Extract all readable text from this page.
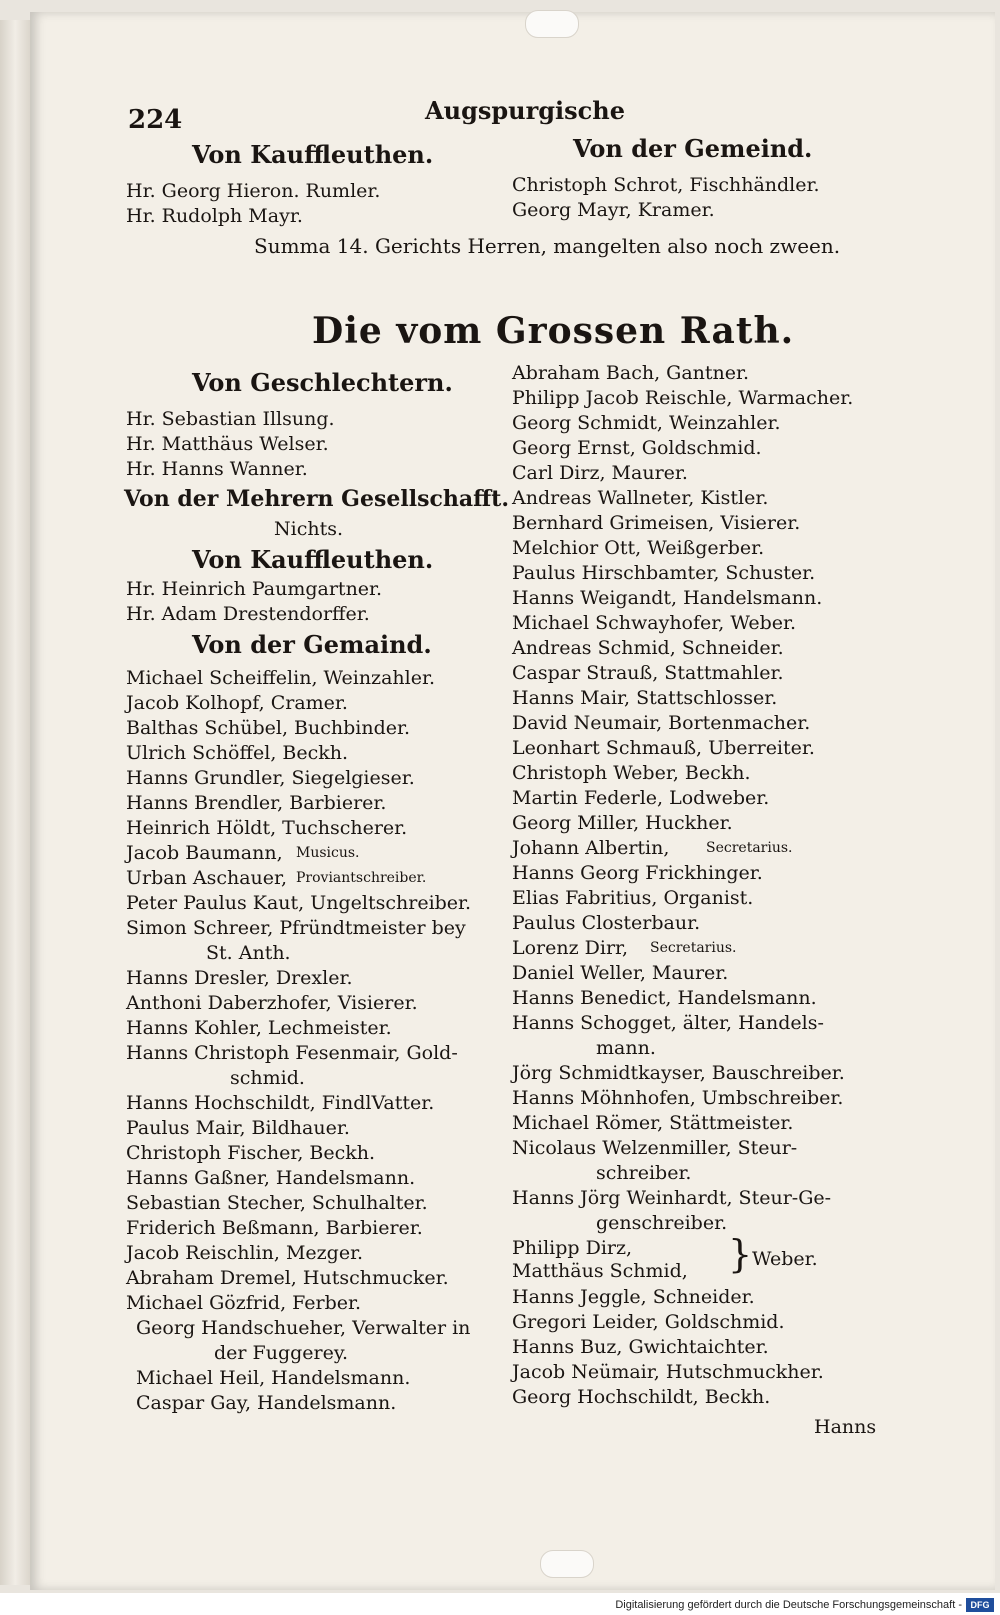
224	Augspurgische
Von Kauffleuthen.	Von der Gemeind.
Hr. Georg Hieron. Rumler.
Hr. Rudolph Mayr.
Christoph Schrot, Fischhändler.
Georg Mayr, Kramer.
Summa 14. Gerichts Herren, mangelten also noch zween.
Die vom Grossen Rath.
Von Geschlechtern.
Hr. Sebastian Illsung.
Hr. Matthäus Welser.
Hr. Hanns Wanner.
Von der Mehrern Gesellschafft.
Nichts.
Von Kauffleuthen.
Hr. Heinrich Paumgartner.
Hr. Adam Drestendorffer.
Von der Gemaind.
Michael Scheiffelin, Weinzahler.
Jacob Kolhopf, Cramer.
Balthas Schübel, Buchbinder.
Ulrich Schöffel, Beckh.
Hanns Grundler, Siegelgieser.
Hanns Brendler, Barbierer.
Heinrich Höldt, Tuchscherer.
Jacob Baumann, Musicus.
Urban Aschauer, Proviantschreiber.
Peter Paulus Kaut, Ungeltschreiber.
Simon Schreer, Pfründtmeister bey
St. Anth.
Hanns Dresler, Drexler.
Anthoni Daberzhofer, Visierer.
Hanns Kohler, Lechmeister.
Hanns Christoph Fesenmair, Gold-
schmid.
Hanns Hochschildt, FindlVatter.
Paulus Mair, Bildhauer.
Christoph Fischer, Beckh.
Hanns Gaßner, Handelsmann.
Sebastian Stecher, Schulhalter.
Friderich Beßmann, Barbierer.
Jacob Reischlin, Mezger.
Abraham Dremel, Hutschmucker.
Michael Gözfrid, Ferber.
Georg Handschueher, Verwalter in
der Fuggerey.
Michael Heil, Handelsmann.
Caspar Gay, Handelsmann.
Abraham Bach, Gantner.
Philipp Jacob Reischle, Warmacher.
Georg Schmidt, Weinzahler.
Georg Ernst, Goldschmid.
Carl Dirz, Maurer.
Andreas Wallneter, Kistler.
Bernhard Grimeisen, Visierer.
Melchior Ott, Weißgerber.
Paulus Hirschbamter, Schuster.
Hanns Weigandt, Handelsmann.
Michael Schwayhofer, Weber.
Andreas Schmid, Schneider.
Caspar Strauß, Stattmahler.
Hanns Mair, Stattschlosser.
David Neumair, Bortenmacher.
Leonhart Schmauß, Uberreiter.
Christoph Weber, Beckh.
Martin Federle, Lodweber.
Georg Miller, Huckher.
Johann Albertin,	Secretarius.
Hanns Georg Frickhinger.
Elias Fabritius, Organist.
Paulus Closterbaur.
Lorenz Dirr, Secretarius.
Daniel Weller, Maurer.
Hanns Benedict, Handelsmann.
Hanns Schogget, älter, Handels-
mann.
Jörg Schmidtkayser, Bauschreiber.
Hanns Möhnhofen, Umbschreiber.
Michael Römer, Stättmeister.
Nicolaus Welzenmiller, Steur-
schreiber.
Hanns Jörg Weinhardt, Steur-Ge-
genschreiber.
Philipp Dirz,
Matthäus Schmid, } Weber.
Hanns Jeggle, Schneider.
Gregori Leider, Goldschmid.
Hanns Buz, Gwichtaichter.
Jacob Neümair, Hutschmuckher.
Georg Hochschildt, Beckh.
Hanns
Digitalisierung gefördert durch die Deutsche Forschungsgemeinschaft - DFG
